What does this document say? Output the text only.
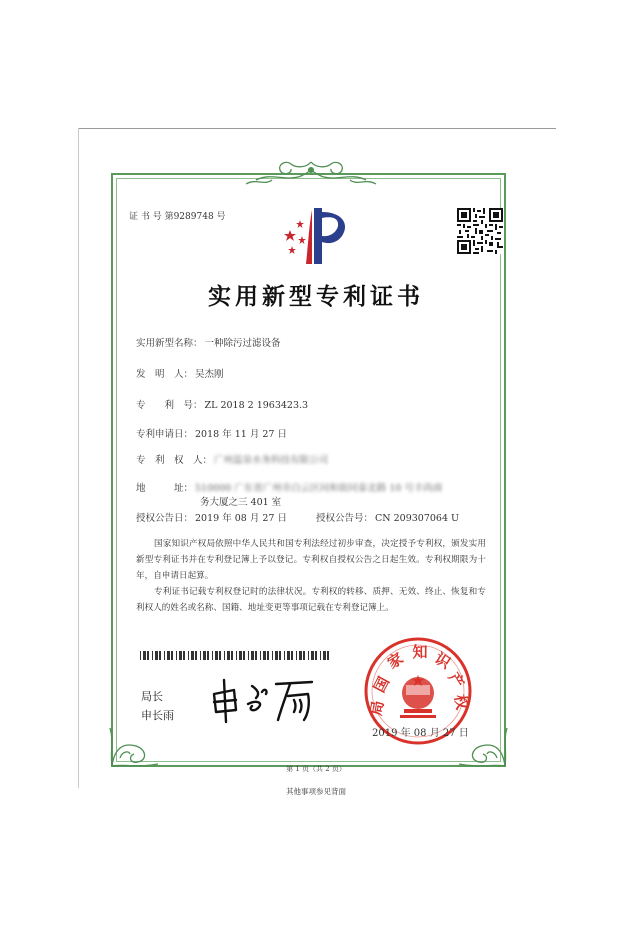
证 书 号 第9289748 号
实用新型专利证书
实用新型名称： 一种除污过滤设备
发　明　人： 吴杰刚
专　　利　号： ZL 2018 2 1963423.3
专利申请日： 2018 年 11 月 27 日
专　利　权　人： 广州温泉水务科技有限公司
地　　　址： 510000 广东省广州市白云区同和街同泰北路 10 号丰尚商
务大厦之三 401 室
授权公告日： 2019 年 08 月 27 日	授权公告号： CN 209307064 U
国家知识产权局依照中华人民共和国专利法经过初步审查，决定授予专利权，颁发实用新型专利证书并在专利登记簿上予以登记。专利权自授权公告之日起生效。专利权期限为十年，自申请日起算。
专利证书记载专利权登记时的法律状况。专利权的转移、质押、无效、终止、恢复和专利权人的姓名或名称、国籍、地址变更等事项记载在专利登记簿上。
局长
申长雨
国
家 知 识
产
权
局
2019 年 08 月 27 日
第 1 页（共 2 页）
其他事项参见背面
